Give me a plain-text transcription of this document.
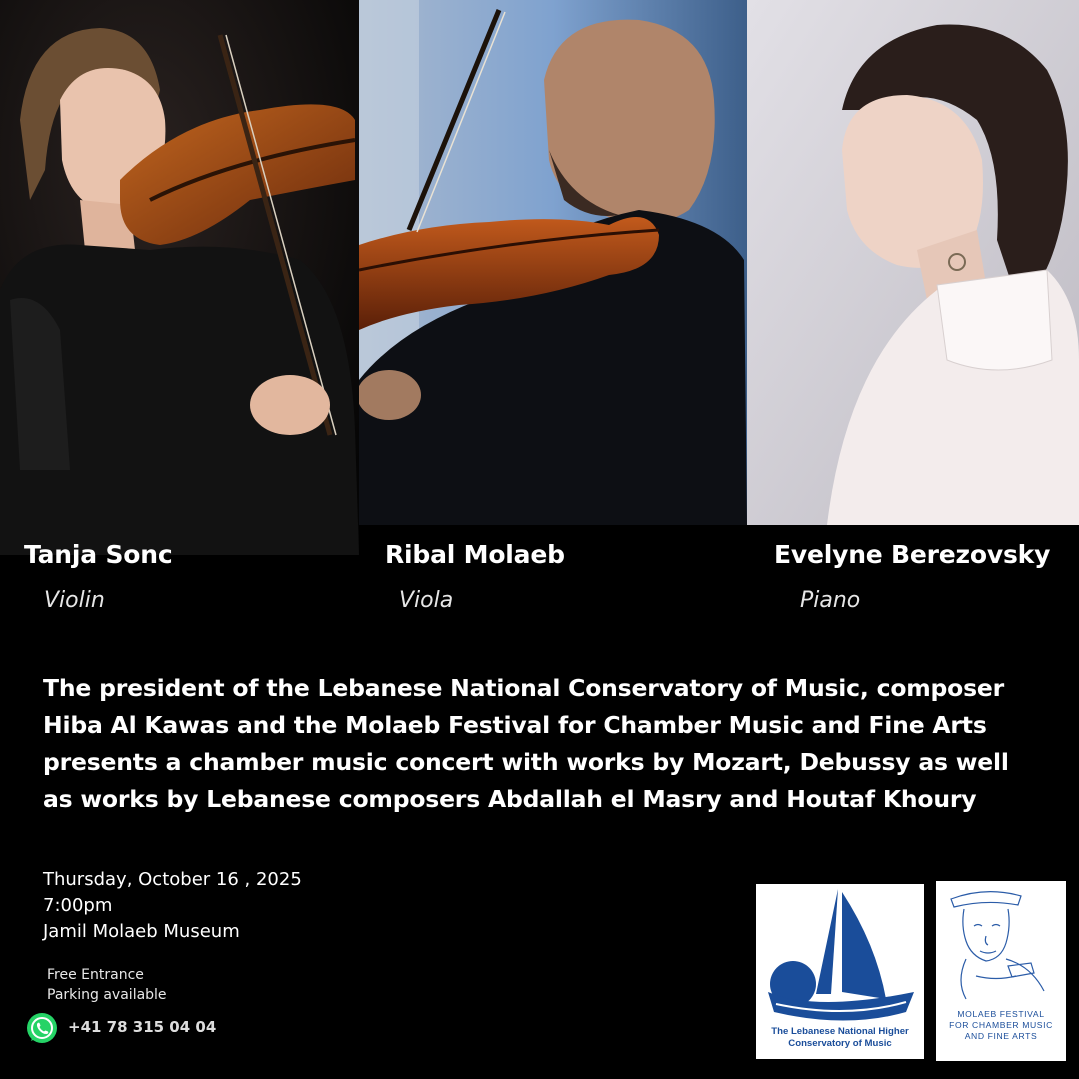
Tanja Sonc
Violin
Ribal Molaeb
Viola
Evelyne Berezovsky
Piano
The president of the Lebanese National Conservatory of Music, composer Hiba Al Kawas and the Molaeb Festival for Chamber Music and Fine Arts presents a chamber music concert with works by Mozart, Debussy as well as works by Lebanese composers Abdallah el Masry and Houtaf Khoury
Thursday, October 16 , 2025
7:00pm
Jamil Molaeb Museum
Free Entrance
Parking available
+41 78 315 04 04	The Lebanese National Higher
Conservatory of Music
MOLAEB FESTIVAL
FOR CHAMBER MUSIC
AND FINE ARTS
